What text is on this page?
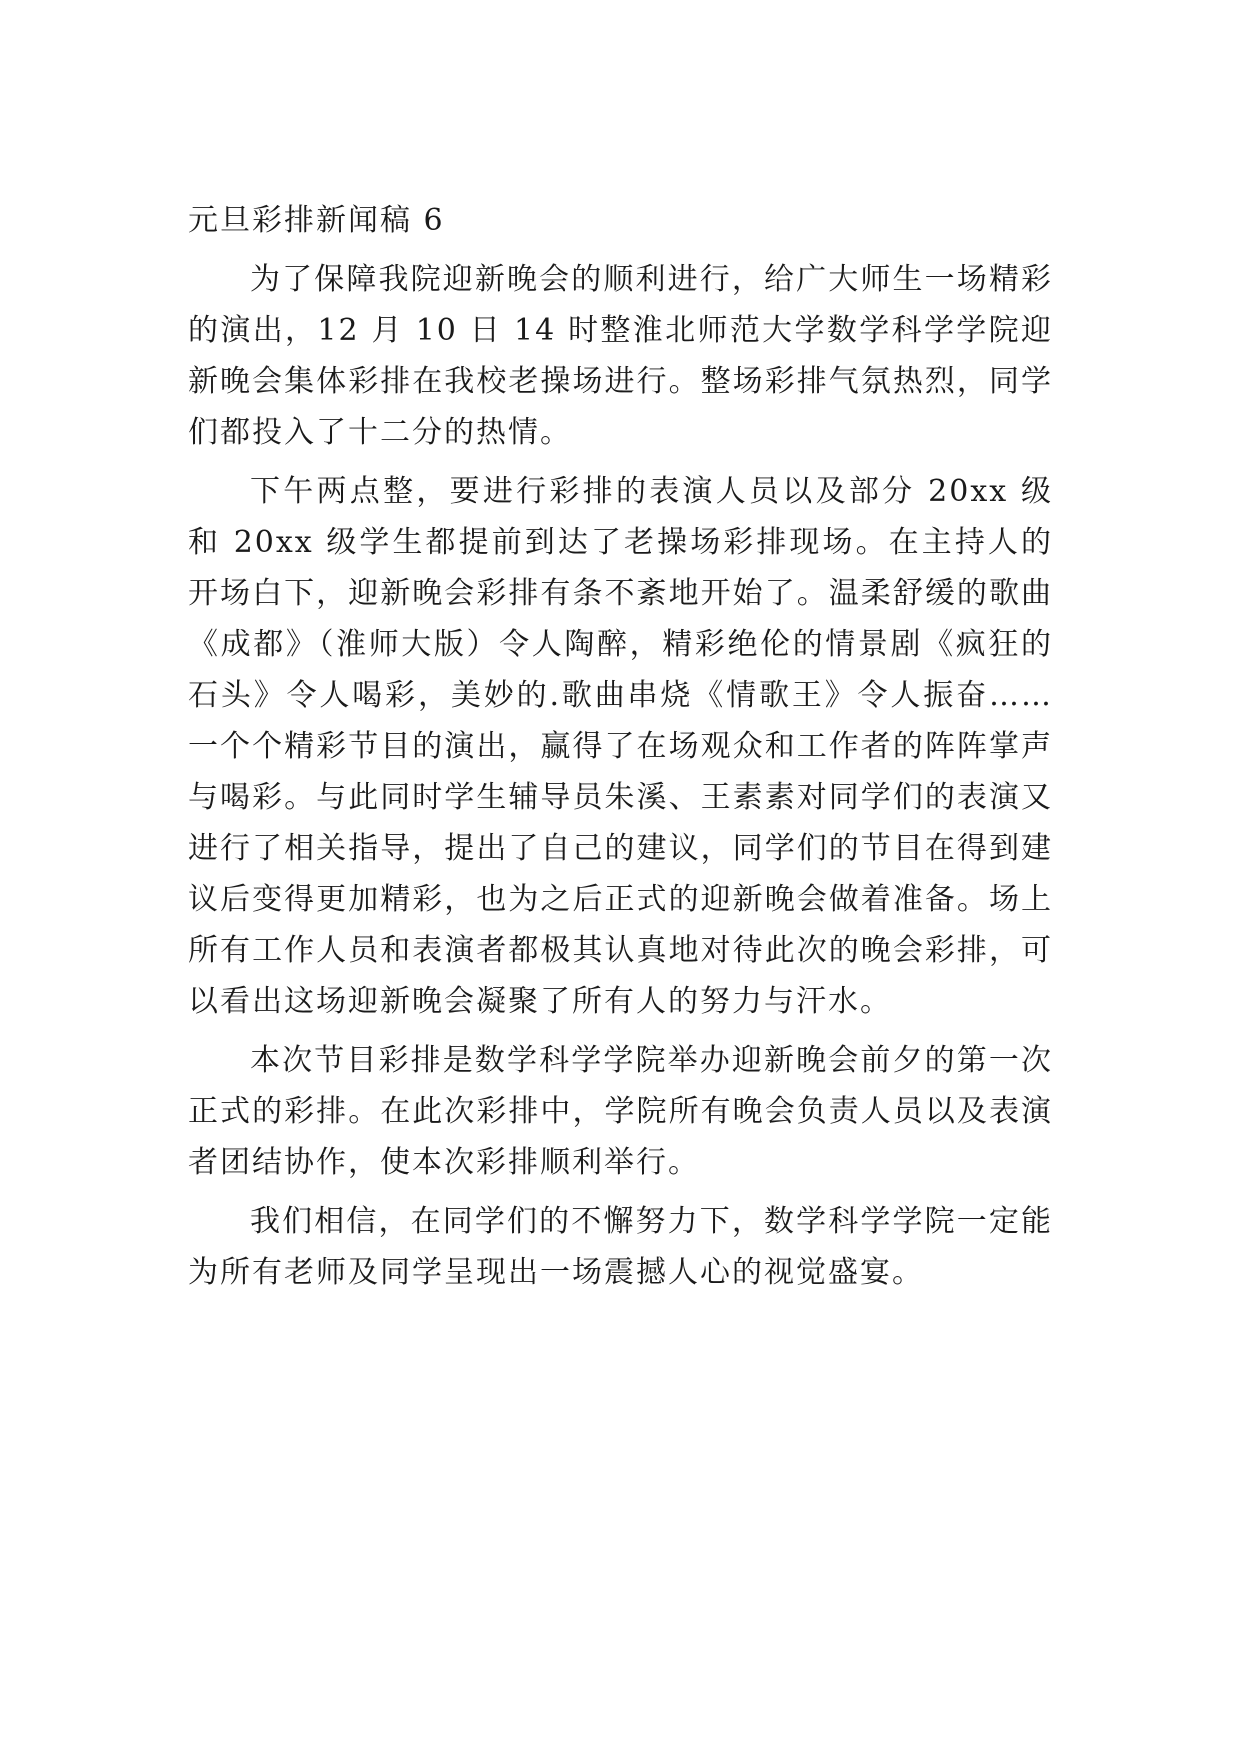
元旦彩排新闻稿 6

为了保障我院迎新晚会的顺利进行，给广大师生一场精彩的演出，12 月 10 日 14 时整淮北师范大学数学科学学院迎新晚会集体彩排在我校老操场进行。整场彩排气氛热烈，同学们都投入了十二分的热情。

下午两点整，要进行彩排的表演人员以及部分 20xx 级和 20xx 级学生都提前到达了老操场彩排现场。在主持人的开场白下，迎新晚会彩排有条不紊地开始了。温柔舒缓的歌曲《成都》（淮师大版）令人陶醉，精彩绝伦的情景剧《疯狂的石头》令人喝彩，美妙的.歌曲串烧《情歌王》令人振奋……一个个精彩节目的演出，赢得了在场观众和工作者的阵阵掌声与喝彩。与此同时学生辅导员朱溪、王素素对同学们的表演又进行了相关指导，提出了自己的建议，同学们的节目在得到建议后变得更加精彩，也为之后正式的迎新晚会做着准备。场上所有工作人员和表演者都极其认真地对待此次的晚会彩排，可以看出这场迎新晚会凝聚了所有人的努力与汗水。

本次节目彩排是数学科学学院举办迎新晚会前夕的第一次正式的彩排。在此次彩排中，学院所有晚会负责人员以及表演者团结协作，使本次彩排顺利举行。

我们相信，在同学们的不懈努力下，数学科学学院一定能为所有老师及同学呈现出一场震撼人心的视觉盛宴。
